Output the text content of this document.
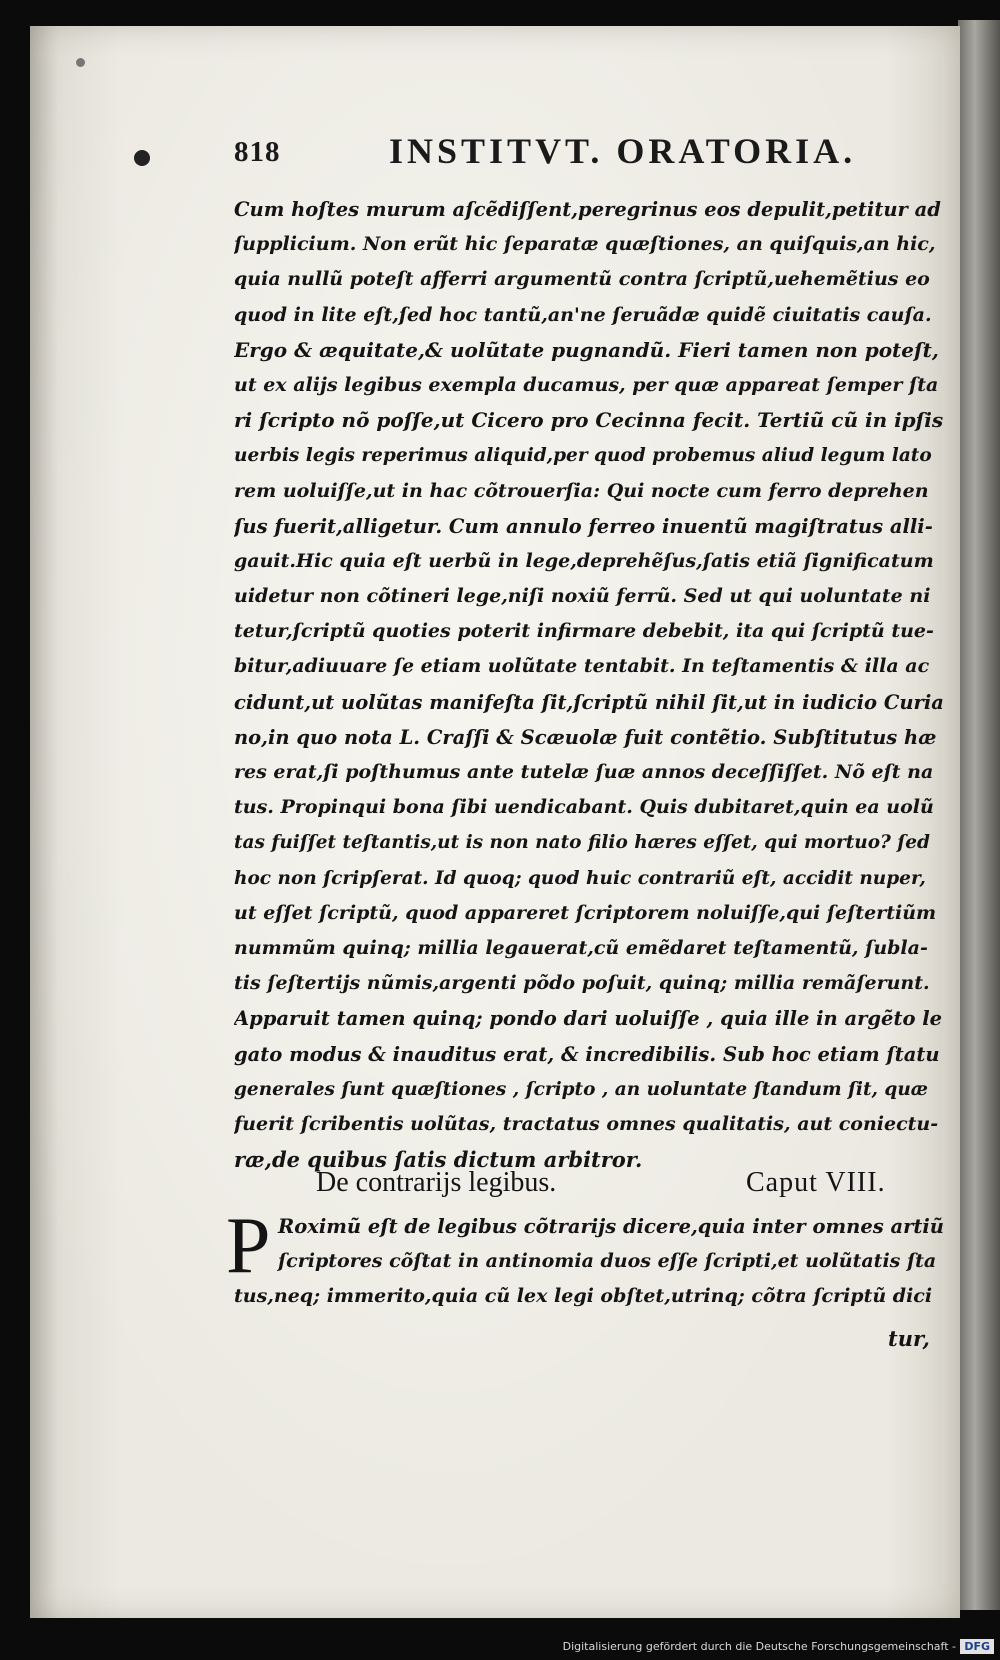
818	INSTITVT. ORATORIA.
Cum hoſtes murum aſcẽdiſſent,peregrinus eos depulit,petitur ad
ſupplicium. Non erũt hic ſeparatæ quæſtiones, an quiſquis,an hic,
quia nullũ poteſt afferri argumentũ contra ſcriptũ,uehemẽtius eo
quod in lite eſt,ſed hoc tantũ,an'ne ſeruãdæ quidẽ ciuitatis cauſa.
Ergo & æquitate,& uolũtate pugnandũ. Fieri tamen non poteſt,
ut ex alijs legibus exempla ducamus, per quæ appareat ſemper ſta
ri ſcripto nõ poſſe,ut Cicero pro Cecinna fecit. Tertiũ cũ in ipſis
uerbis legis reperimus aliquid,per quod probemus aliud legum lato
rem uoluiſſe,ut in hac cõtrouerſia: Qui nocte cum ferro deprehen
ſus fuerit,alligetur. Cum annulo ferreo inuentũ magiſtratus alli-
gauit.Hic quia eſt uerbũ in lege,deprehẽſus,ſatis etiã ſignificatum
uidetur non cõtineri lege,niſi noxiũ ferrũ. Sed ut qui uoluntate ni
tetur,ſcriptũ quoties poterit infirmare debebit, ita qui ſcriptũ tue-
bitur,adiuuare ſe etiam uolũtate tentabit. In teſtamentis & illa ac
cidunt,ut uolũtas manifeſta ſit,ſcriptũ nihil ſit,ut in iudicio Curia
no,in quo nota L. Craſſi & Scæuolæ fuit contẽtio. Subſtitutus hæ
res erat,ſi poſthumus ante tutelæ ſuæ annos deceſſiſſet. Nõ eſt na
tus. Propinqui bona ſibi uendicabant. Quis dubitaret,quin ea uolũ
tas fuiſſet teſtantis,ut is non nato filio hæres eſſet, qui mortuo? ſed
hoc non ſcripſerat. Id quoq; quod huic contrariũ eſt, accidit nuper,
ut eſſet ſcriptũ, quod appareret ſcriptorem noluiſſe,qui ſeſtertiũm
nummũm quinq; millia legauerat,cũ emẽdaret teſtamentũ, ſubla-
tis ſeſtertijs nũmis,argenti põdo poſuit, quinq; millia remãſerunt.
Apparuit tamen quinq; pondo dari uoluiſſe , quia ille in argẽto le
gato modus & inauditus erat, & incredibilis. Sub hoc etiam ſtatu
generales ſunt quæſtiones , ſcripto , an uoluntate ſtandum ſit, quæ
fuerit ſcribentis uolũtas, tractatus omnes qualitatis, aut coniectu-
ræ,de quibus ſatis dictum arbitror.
De contrarijs legibus.	Caput VIII.
P Roximũ eſt de legibus cõtrarijs dicere,quia inter omnes artiũ
ſcriptores cõſtat in antinomia duos eſſe ſcripti,et uolũtatis ſta
tus,neq; immerito,quia cũ lex legi obſtet,utrinq; cõtra ſcriptũ dici
tur,
Digitalisierung gefördert durch die Deutsche Forschungsgemeinschaft - DFG
